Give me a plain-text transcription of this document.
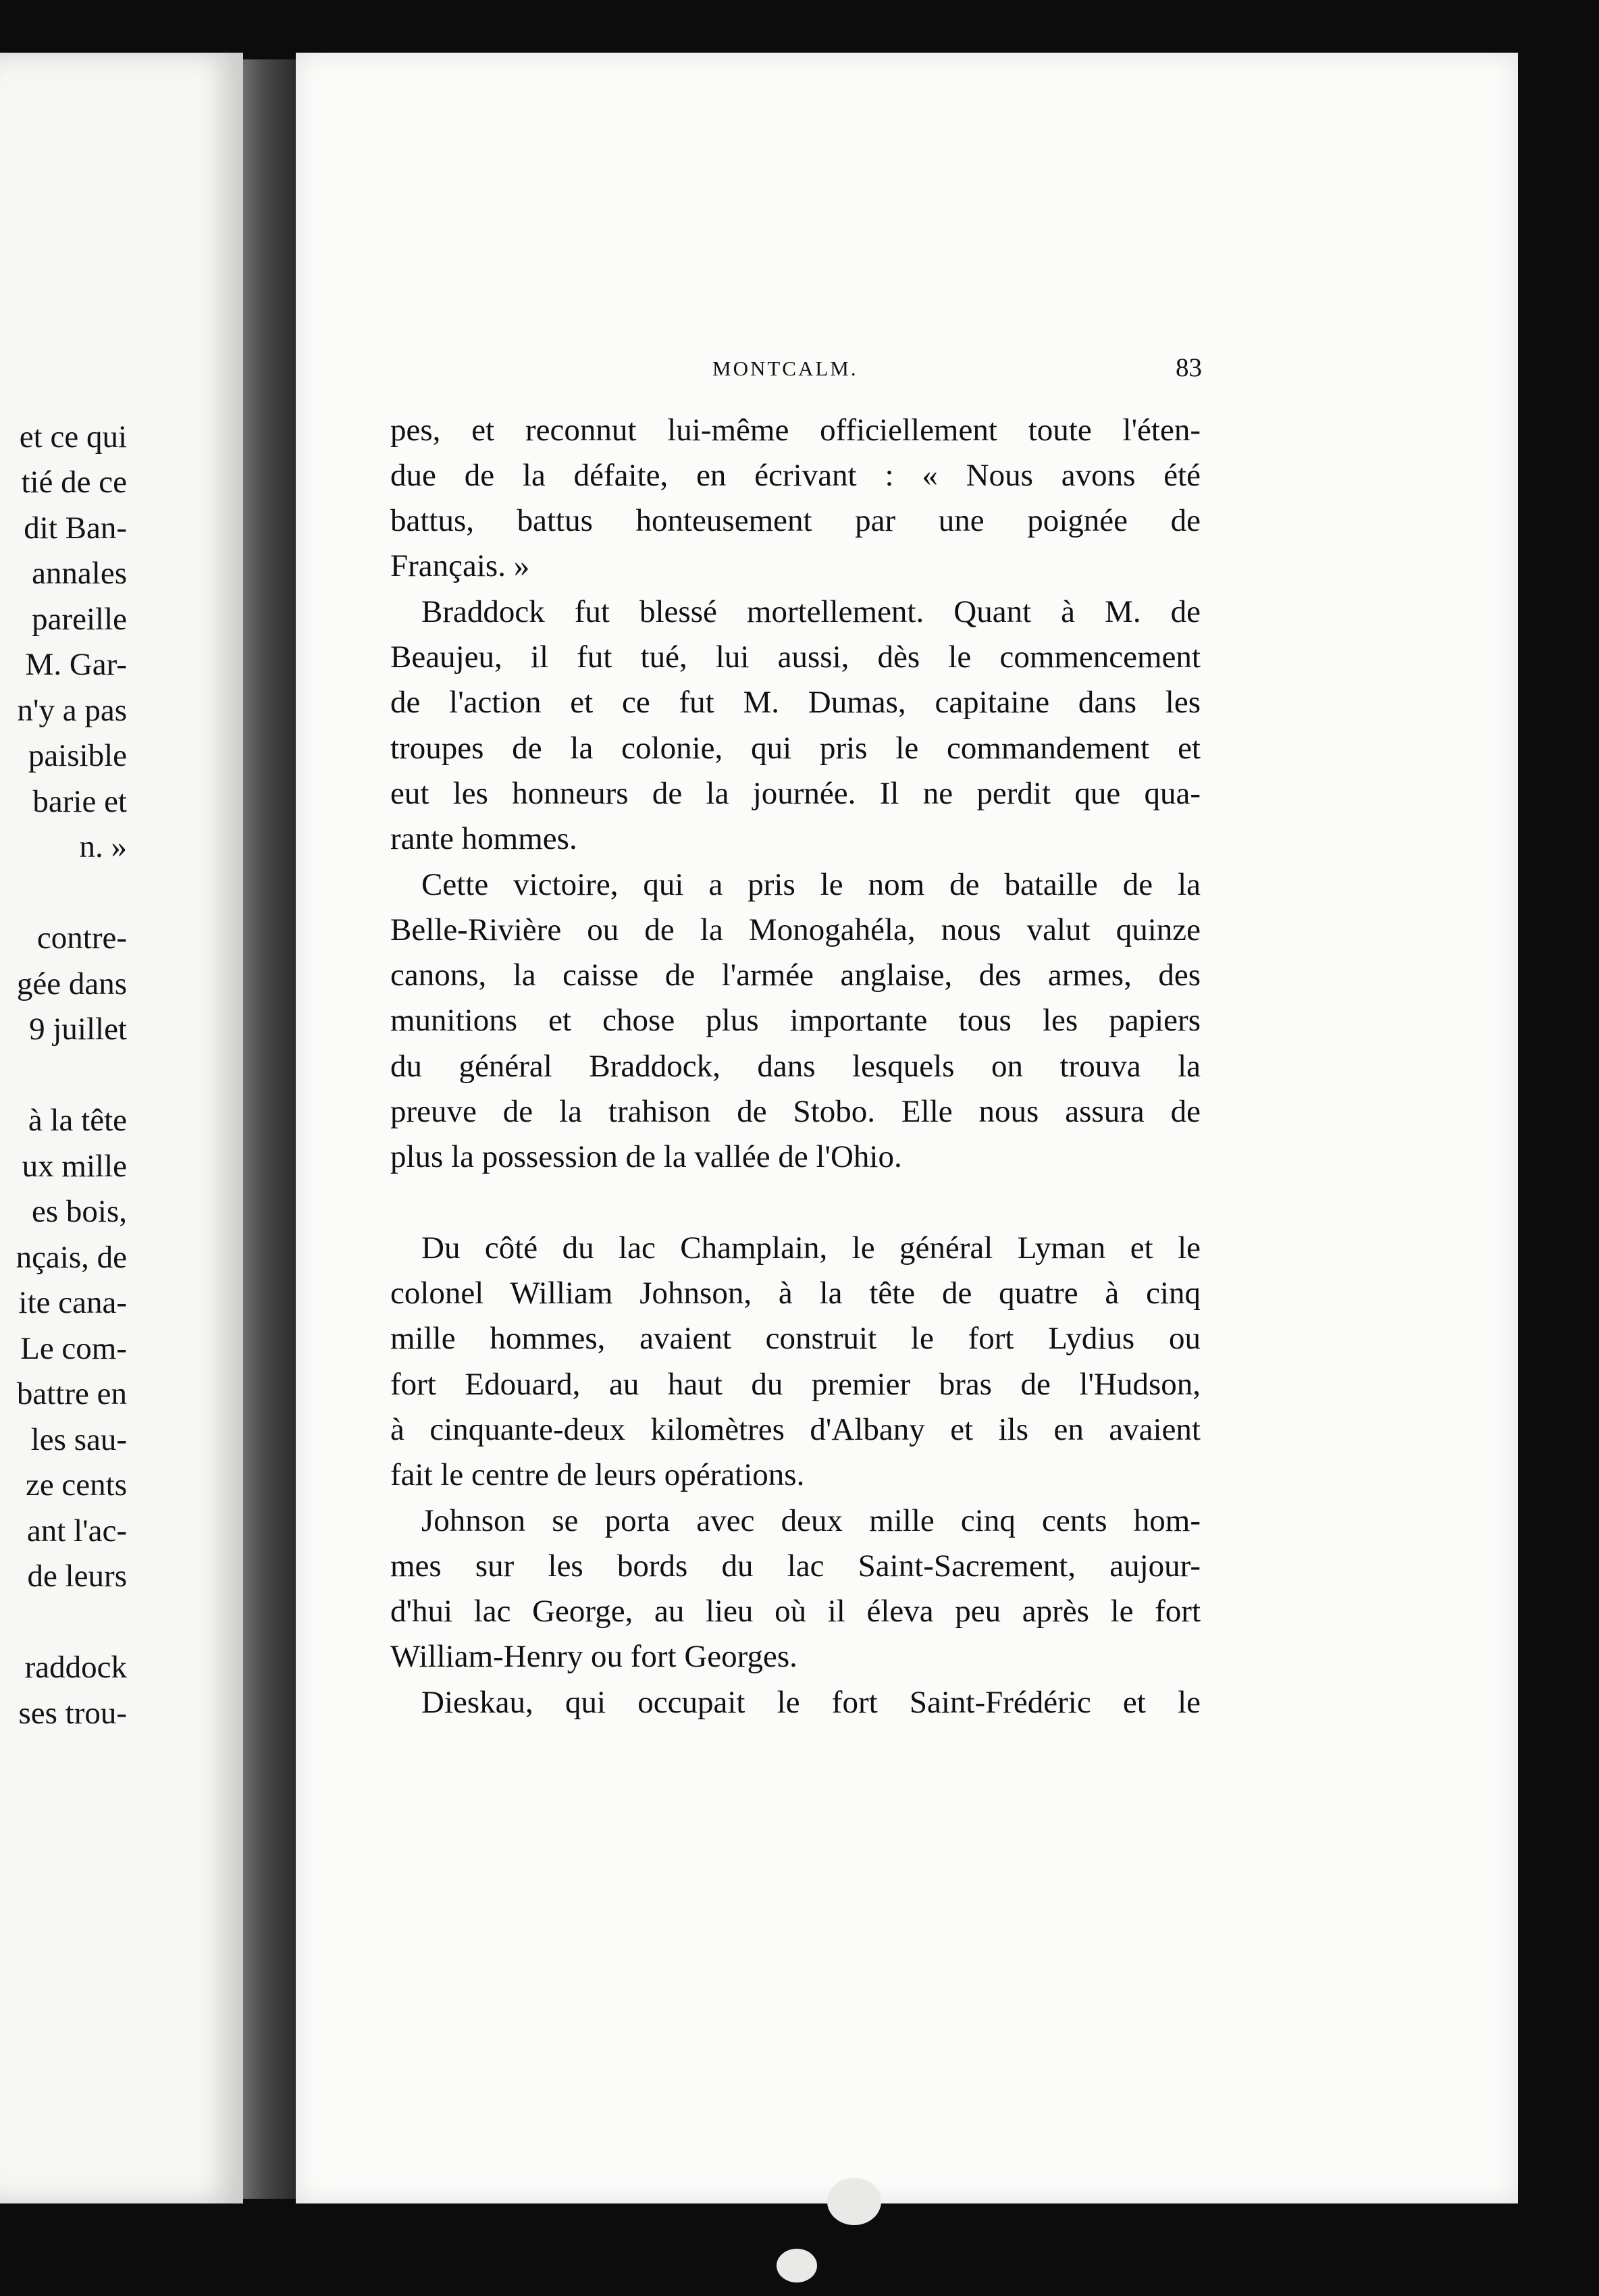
et ce qui
tié de ce
dit Ban-
annales
pareille
M. Gar-
n'y a pas
paisible
barie et
n. »
contre-
gée dans
9 juillet
à la tête
ux mille
es bois,
nçais, de
ite cana-
Le com-
battre en
les sau-
ze cents
ant l'ac-
de leurs
raddock
ses trou-
MONTCALM.	83
pes, et reconnut lui-même officiellement toute l'éten-
due de la défaite, en écrivant : « Nous avons été
battus, battus honteusement par une poignée de
Français. »
Braddock fut blessé mortellement. Quant à M. de
Beaujeu, il fut tué, lui aussi, dès le commencement
de l'action et ce fut M. Dumas, capitaine dans les
troupes de la colonie, qui pris le commandement et
eut les honneurs de la journée. Il ne perdit que qua-
rante hommes.
Cette victoire, qui a pris le nom de bataille de la
Belle-Rivière ou de la Monogahéla, nous valut quinze
canons, la caisse de l'armée anglaise, des armes, des
munitions et chose plus importante tous les papiers
du général Braddock, dans lesquels on trouva la
preuve de la trahison de Stobo. Elle nous assura de
plus la possession de la vallée de l'Ohio.
Du côté du lac Champlain, le général Lyman et le
colonel William Johnson, à la tête de quatre à cinq
mille hommes, avaient construit le fort Lydius ou
fort Edouard, au haut du premier bras de l'Hudson,
à cinquante-deux kilomètres d'Albany et ils en avaient
fait le centre de leurs opérations.
Johnson se porta avec deux mille cinq cents hom-
mes sur les bords du lac Saint-Sacrement, aujour-
d'hui lac George, au lieu où il éleva peu après le fort
William-Henry ou fort Georges.
Dieskau, qui occupait le fort Saint-Frédéric et le
